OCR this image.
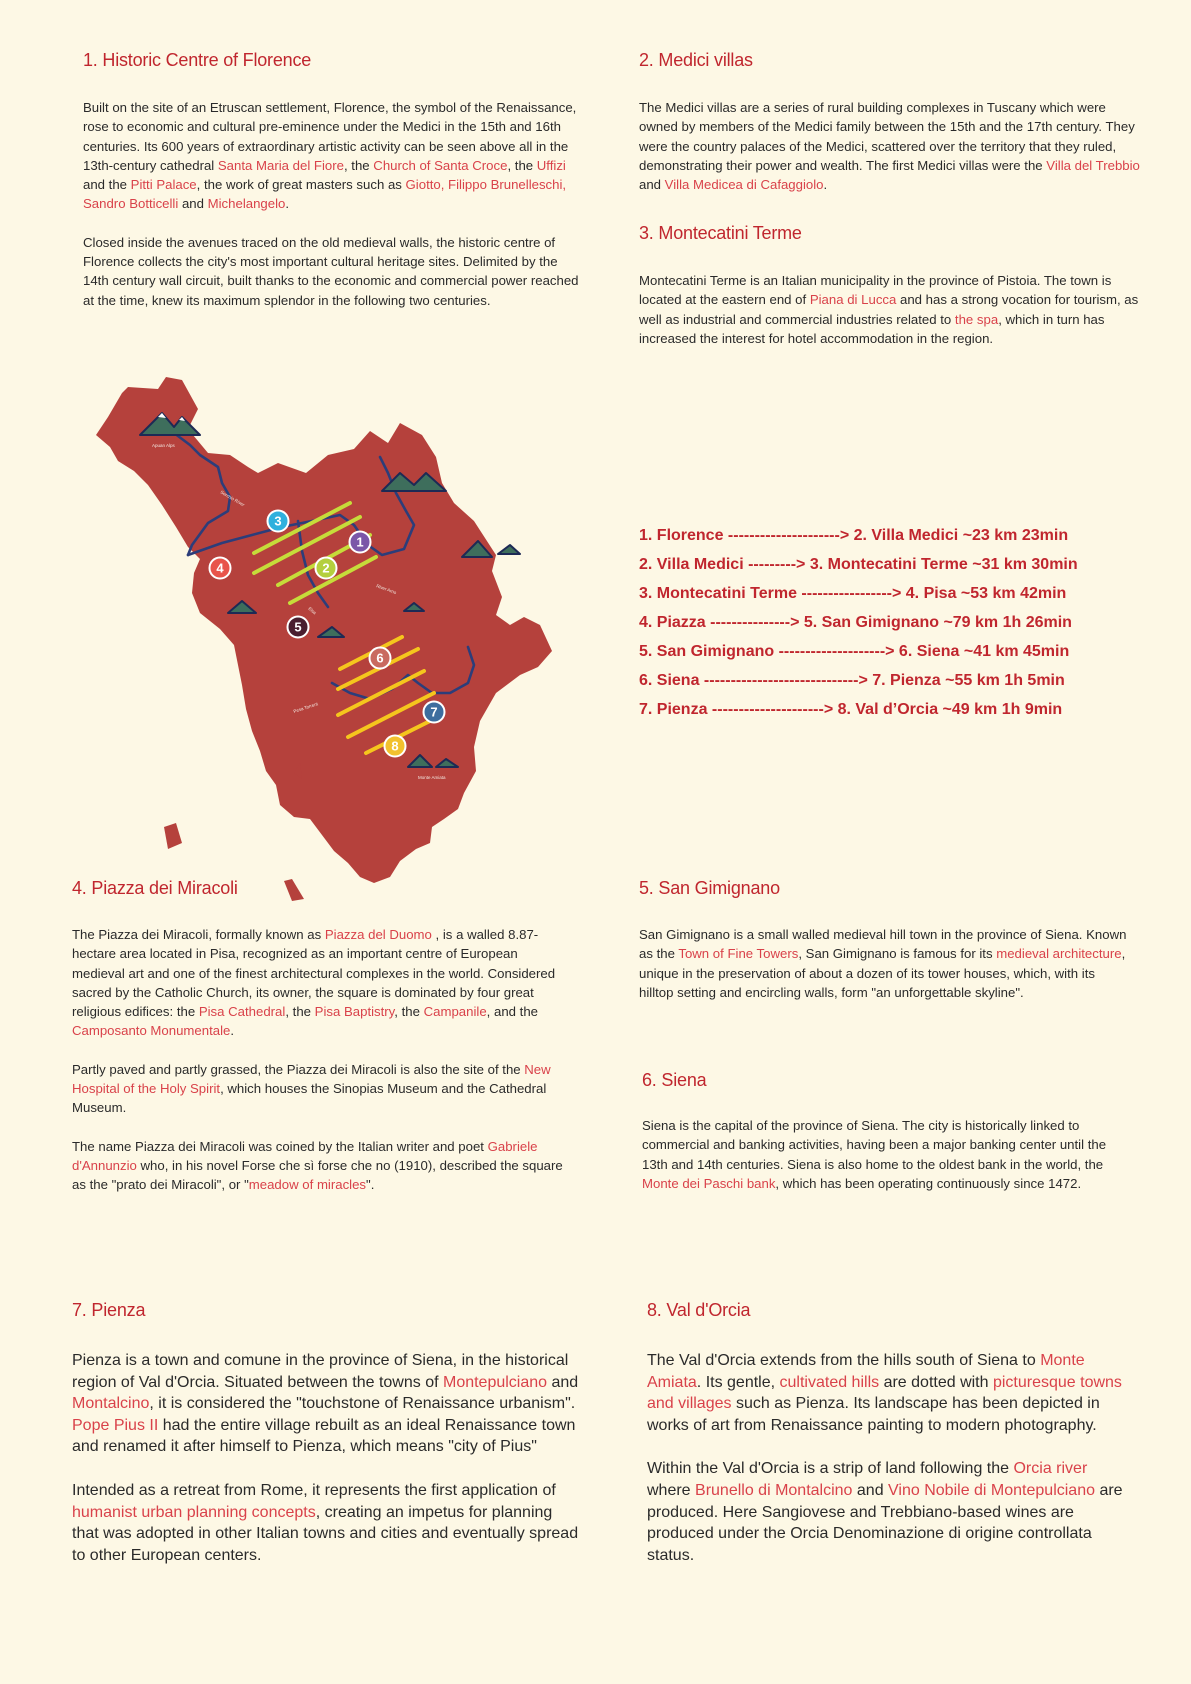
1. Historic Centre of Florence

Built on the site of an Etruscan settlement, Florence, the symbol of the Renaissance, rose to economic and cultural pre-eminence under the Medici in the 15th and 16th centuries. Its 600 years of extraordinary artistic activity can be seen above all in the 13th-century cathedral Santa Maria del Fiore, the Church of Santa Croce, the Uffizi and the Pitti Palace, the work of great masters such as Giotto, Filippo Brunelleschi, Sandro Botticelli and Michelangelo.

Closed inside the avenues traced on the old medieval walls, the historic centre of Florence collects the city's most important cultural heritage sites. Delimited by the 14th century wall circuit, built thanks to the economic and commercial power reached at the time, knew its maximum splendor in the following two centuries.

2. Medici villas

The Medici villas are a series of rural building complexes in Tuscany which were owned by members of the Medici family between the 15th and the 17th century. They were the country palaces of the Medici, scattered over the territory that they ruled, demonstrating their power and wealth. The first Medici villas were the Villa del Trebbio and Villa Medicea di Cafaggiolo.

3. Montecatini Terme

Montecatini Terme is an Italian municipality in the province of Pistoia. The town is located at the eastern end of Piana di Lucca and has a strong vocation for tourism, as well as industrial and commercial industries related to the spa, which in turn has increased the interest for hotel accommodation in the region.

Apuan Alps
Serchio River
River Arno
Pesa Torrent
Elsa
Monte Amiata
1
2
3
4
5
6
7
8
1. Florence ---------------------> 2. Villa Medici ~23 km 23min
2. Villa Medici ---------> 3. Montecatini Terme ~31 km 30min
3. Montecatini Terme -----------------> 4. Pisa ~53 km 42min
4. Piazza ---------------> 5. San Gimignano ~79 km 1h 26min
5. San Gimignano --------------------> 6. Siena ~41 km 45min
6. Siena -----------------------------> 7. Pienza ~55 km 1h 5min
7. Pienza ---------------------> 8. Val d’Orcia ~49 km 1h 9min
4. Piazza dei Miracoli

The Piazza dei Miracoli, formally known as Piazza del Duomo , is a walled 8.87-hectare area located in Pisa, recognized as an important centre of European medieval art and one of the finest architectural complexes in the world. Considered sacred by the Catholic Church, its owner, the square is dominated by four great religious edifices: the Pisa Cathedral, the Pisa Baptistry, the Campanile, and the Camposanto Monumentale.

Partly paved and partly grassed, the Piazza dei Miracoli is also the site of the New Hospital of the Holy Spirit, which houses the Sinopias Museum and the Cathedral Museum.

The name Piazza dei Miracoli was coined by the Italian writer and poet Gabriele d'Annunzio who, in his novel Forse che sì forse che no (1910), described the square as the "prato dei Miracoli", or "meadow of miracles".

5. San Gimignano

San Gimignano is a small walled medieval hill town in the province of Siena. Known as the Town of Fine Towers, San Gimignano is famous for its medieval architecture, unique in the preservation of about a dozen of its tower houses, which, with its hilltop setting and encircling walls, form "an unforgettable skyline".

6. Siena

Siena is the capital of the province of Siena. The city is historically linked to commercial and banking activities, having been a major banking center until the 13th and 14th centuries. Siena is also home to the oldest bank in the world, the Monte dei Paschi bank, which has been operating continuously since 1472.

7. Pienza

Pienza is a town and comune in the province of Siena, in the historical region of Val d'Orcia. Situated between the towns of Montepulciano and Montalcino, it is considered the "touchstone of Renaissance urbanism". Pope Pius II had the entire village rebuilt as an ideal Renaissance town and renamed it after himself to Pienza, which means "city of Pius"

Intended as a retreat from Rome, it represents the first application of humanist urban planning concepts, creating an impetus for planning that was adopted in other Italian towns and cities and eventually spread to other European centers.

8. Val d'Orcia

The Val d'Orcia extends from the hills south of Siena to Monte Amiata. Its gentle, cultivated hills are dotted with picturesque towns and villages such as Pienza. Its landscape has been depicted in works of art from Renaissance painting to modern photography.

Within the Val d'Orcia is a strip of land following the Orcia river where Brunello di Montalcino and Vino Nobile di Montepulciano are produced. Here Sangiovese and Trebbiano-based wines are produced under the Orcia Denominazione di origine controllata status.
